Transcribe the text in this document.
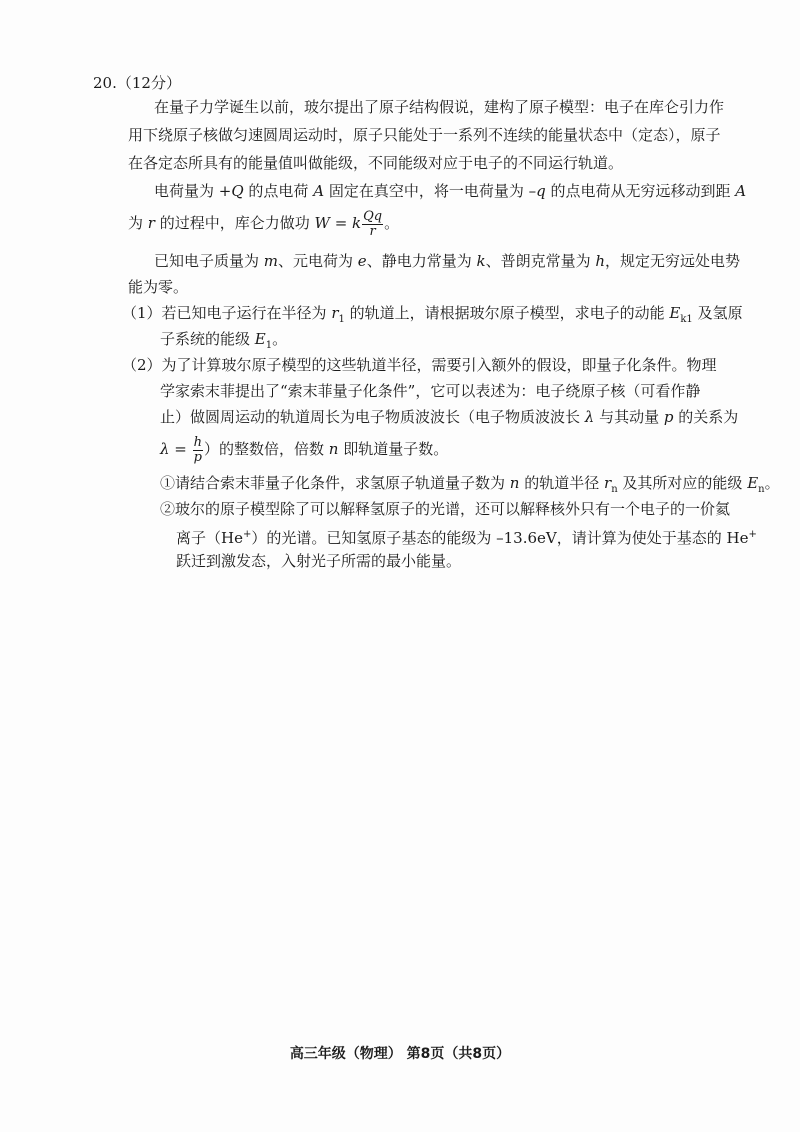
20.（12分）
在量子力学诞生以前，玻尔提出了原子结构假说，建构了原子模型：电子在库仑引力作
用下绕原子核做匀速圆周运动时，原子只能处于一系列不连续的能量状态中（定态），原子
在各定态所具有的能量值叫做能级，不同能级对应于电子的不同运行轨道。
电荷量为 +Q 的点电荷 A 固定在真空中，将一电荷量为 –q 的点电荷从无穷远移动到距 A
为 r 的过程中，库仑力做功 W = k $\frac{Qq}{r}$ 。
已知电子质量为 m、元电荷为 e、静电力常量为 k、普朗克常量为 h，规定无穷远处电势
能为零。
（1）若已知电子运行在半径为 $r_1$ 的轨道上，请根据玻尔原子模型，求电子的动能 $E_{k1}$ 及氢原
子系统的能级 $E_1$。
（2）为了计算玻尔原子模型的这些轨道半径，需要引入额外的假设，即量子化条件。物理
学家索末菲提出了“索末菲量子化条件”，它可以表述为：电子绕原子核（可看作静
止）做圆周运动的轨道周长为电子物质波波长（电子物质波波长 λ 与其动量 p 的关系为
$\lambda = \frac{h}{p}$ ）的整数倍，倍数 n 即轨道量子数。
①请结合索末菲量子化条件，求氢原子轨道量子数为 n 的轨道半径 $r_n$ 及其所对应的能级 $E_n$。
②玻尔的原子模型除了可以解释氢原子的光谱，还可以解释核外只有一个电子的一价氦
离子（He+）的光谱。已知氢原子基态的能级为 –13.6eV，请计算为使处于基态的 He+
跃迁到激发态，入射光子所需的最小能量。
高三年级（物理） 第8页（共8页）
